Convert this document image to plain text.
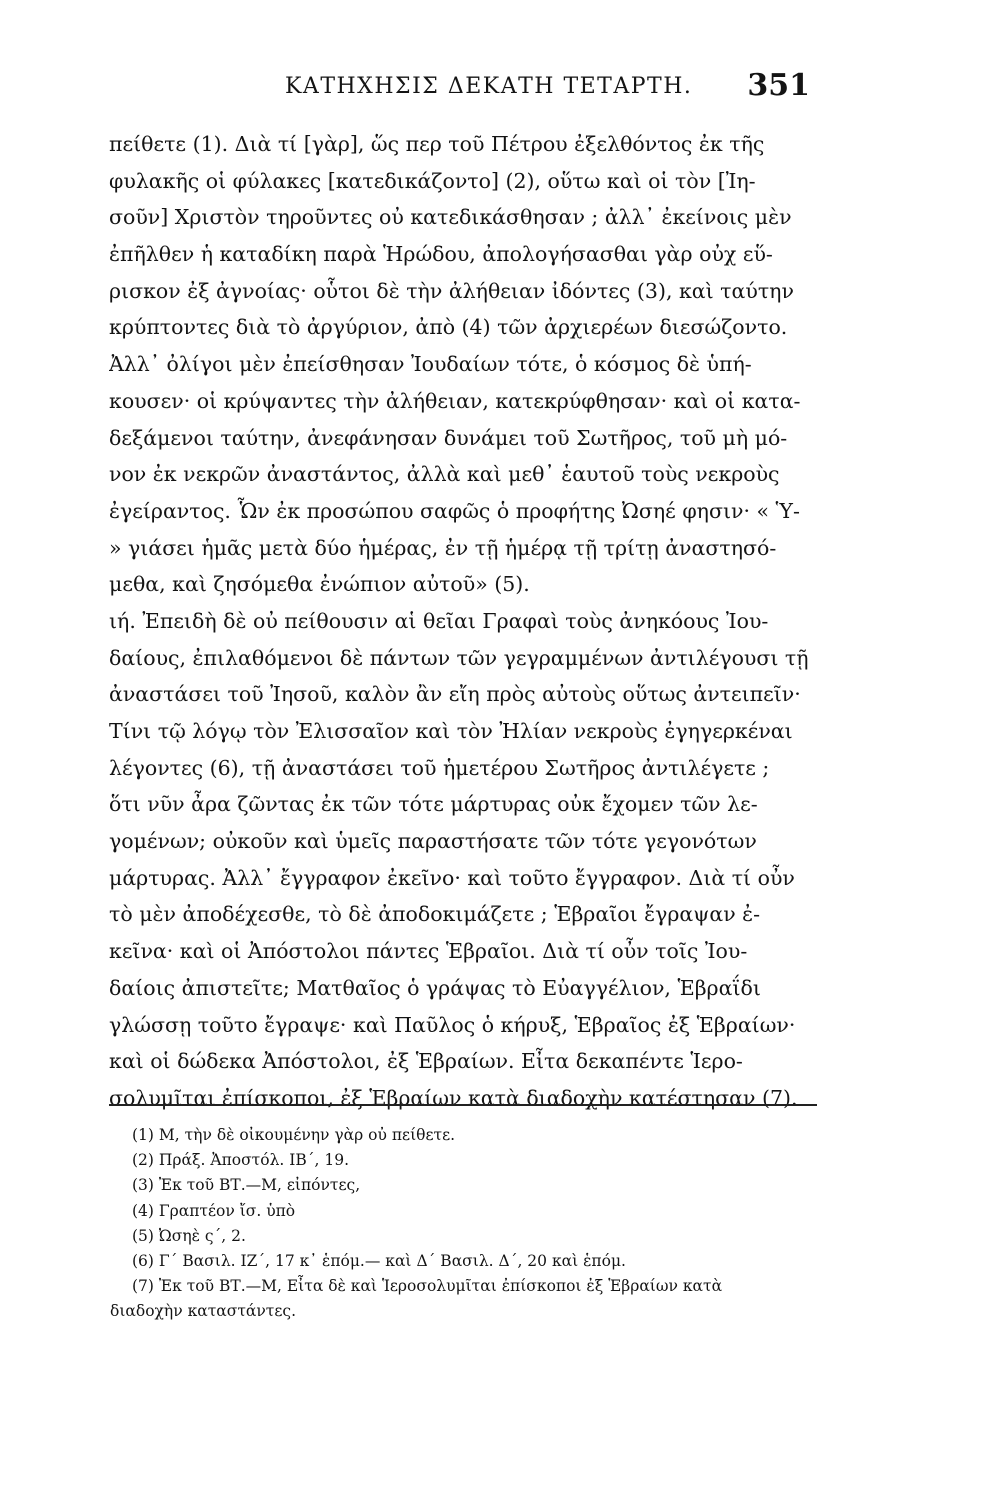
ΚΑΤΗΧΗΣΙΣ ΔΕΚΑΤΗ ΤΕΤΑΡΤΗ. 351
πείθετε (1). Διὰ τί [γὰρ], ὥς περ τοῦ Πέτρου ἐξελθόντος ἐκ τῆς
φυλακῆς οἱ φύλακες [κατεδικάζοντο] (2), οὕτω καὶ οἱ τὸν [Ἰη-
σοῦν] Χριστὸν τηροῦντες οὐ κατεδικάσθησαν ; ἀλλ᾽ ἐκείνοις μὲν
ἐπῆλθεν ἡ καταδίκη παρὰ Ἡρώδου, ἀπολογήσασθαι γὰρ οὐχ εὕ-
ρισκον ἐξ ἀγνοίας· οὗτοι δὲ τὴν ἀλήθειαν ἰδόντες (3), καὶ ταύτην
κρύπτοντες διὰ τὸ ἀργύριον, ἀπὸ (4) τῶν ἀρχιερέων διεσώζοντο.
Ἀλλ᾽ ὀλίγοι μὲν ἐπείσθησαν Ἰουδαίων τότε, ὁ κόσμος δὲ ὑπή-
κουσεν· οἱ κρύψαντες τὴν ἀλήθειαν, κατεκρύφθησαν· καὶ οἱ κατα-
δεξάμενοι ταύτην, ἀνεφάνησαν δυνάμει τοῦ Σωτῆρος, τοῦ μὴ μό-
νον ἐκ νεκρῶν ἀναστάντος, ἀλλὰ καὶ μεθ᾽ ἑαυτοῦ τοὺς νεκροὺς
ἐγείραντος. Ὧν ἐκ προσώπου σαφῶς ὁ προφήτης Ὠσηέ φησιν· « Ὑ-
» γιάσει ἡμᾶς μετὰ δύο ἡμέρας, ἐν τῇ ἡμέρᾳ τῇ τρίτῃ ἀναστησό-
μεθα, καὶ ζησόμεθα ἐνώπιον αὐτοῦ» (5).
ιή. Ἐπειδὴ δὲ οὐ πείθουσιν αἱ θεῖαι Γραφαὶ τοὺς ἀνηκόους Ἰου-
δαίους, ἐπιλαθόμενοι δὲ πάντων τῶν γεγραμμένων ἀντιλέγουσι τῇ
ἀναστάσει τοῦ Ἰησοῦ, καλὸν ἂν εἴη πρὸς αὐτοὺς οὕτως ἀντειπεῖν·
Τίνι τῷ λόγῳ τὸν Ἐλισσαῖον καὶ τὸν Ἠλίαν νεκροὺς ἐγηγερκέναι
λέγοντες (6), τῇ ἀναστάσει τοῦ ἡμετέρου Σωτῆρος ἀντιλέγετε ;
ὅτι νῦν ἆρα ζῶντας ἐκ τῶν τότε μάρτυρας οὐκ ἔχομεν τῶν λε-
γομένων; οὐκοῦν καὶ ὑμεῖς παραστήσατε τῶν τότε γεγονότων
μάρτυρας. Ἀλλ᾽ ἔγγραφον ἐκεῖνο· καὶ τοῦτο ἔγγραφον. Διὰ τί οὖν
τὸ μὲν ἀποδέχεσθε, τὸ δὲ ἀποδοκιμάζετε ; Ἑβραῖοι ἔγραψαν ἐ-
κεῖνα· καὶ οἱ Ἀπόστολοι πάντες Ἑβραῖοι. Διὰ τί οὖν τοῖς Ἰου-
δαίοις ἀπιστεῖτε; Ματθαῖος ὁ γράψας τὸ Εὐαγγέλιον, Ἑβραΐδι
γλώσσῃ τοῦτο ἔγραψε· καὶ Παῦλος ὁ κήρυξ, Ἑβραῖος ἐξ Ἑβραίων·
καὶ οἱ δώδεκα Ἀπόστολοι, ἐξ Ἑβραίων. Εἶτα δεκαπέντε Ἱερο-
σολυμῖται ἐπίσκοποι, ἐξ Ἑβραίων κατὰ διαδοχὴν κατέστησαν (7).
(1) Μ, τὴν δὲ οἰκουμένην γὰρ οὐ πείθετε.
(2) Πράξ. Ἀποστόλ. ΙΒ΄, 19.
(3) Ἐκ τοῦ ΒΤ.—Μ, εἰπόντες,
(4) Γραπτέον ἴσ. ὑπὸ
(5) Ὠσηὲ ς΄, 2.
(6) Γ΄ Βασιλ. ΙΖ΄, 17 κ᾽ ἑπόμ.— καὶ Δ΄ Βασιλ. Δ΄, 20 καὶ ἑπόμ.
(7) Ἐκ τοῦ ΒΤ.—Μ, Εἶτα δὲ καὶ Ἱεροσολυμῖται ἐπίσκοποι ἐξ Ἑβραίων κατὰ
διαδοχὴν καταστάντες.
